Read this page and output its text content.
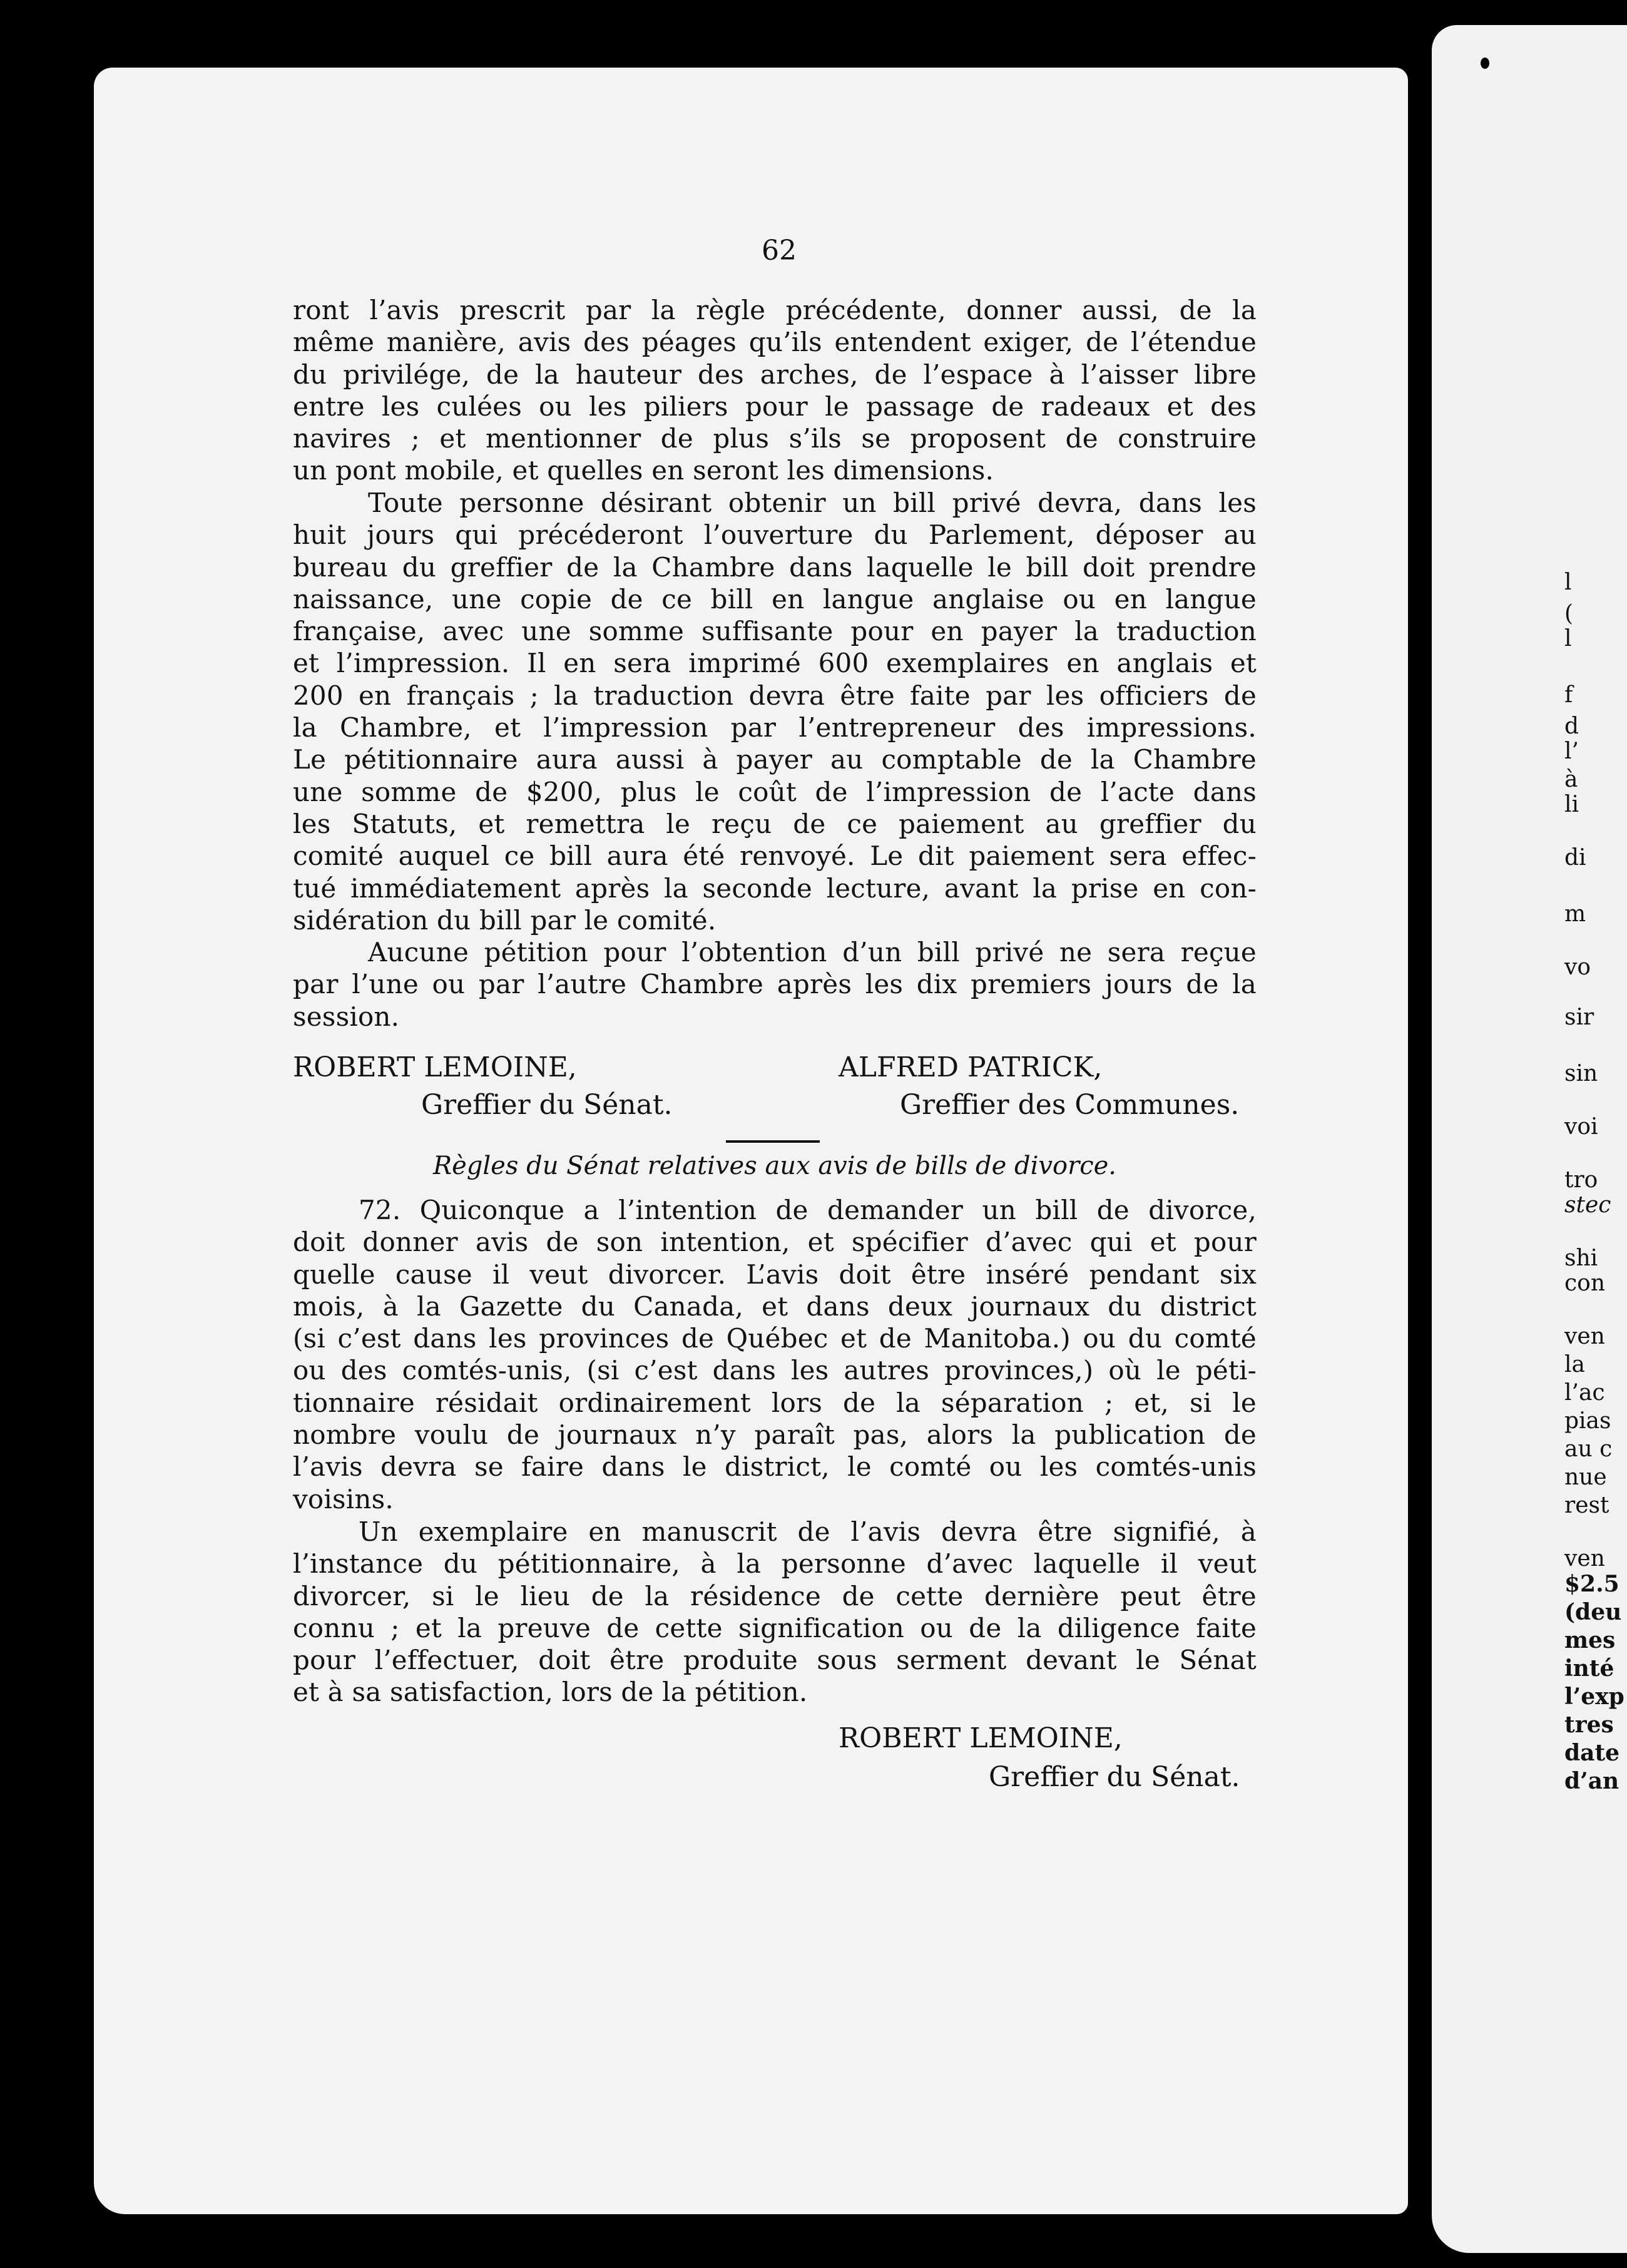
62
ront l’avis prescrit par la règle précédente, donner aussi, de la
même manière, avis des péages qu’ils entendent exiger, de l’étendue
du privilége, de la hauteur des arches, de l’espace à l’aisser libre
entre les culées ou les piliers pour le passage de radeaux et des
navires ; et mentionner de plus s’ils se proposent de construire
un pont mobile, et quelles en seront les dimensions.
Toute personne désirant obtenir un bill privé devra, dans les
huit jours qui précéderont l’ouverture du Parlement, déposer au
bureau du greffier de la Chambre dans laquelle le bill doit prendre
naissance, une copie de ce bill en langue anglaise ou en langue
française, avec une somme suffisante pour en payer la traduction
et l’impression. Il en sera imprimé 600 exemplaires en anglais et
200 en français ; la traduction devra être faite par les officiers de
la Chambre, et l’impression par l’entrepreneur des impressions.
Le pétitionnaire aura aussi à payer au comptable de la Chambre
une somme de $200, plus le coût de l’impression de l’acte dans
les Statuts, et remettra le reçu de ce paiement au greffier du
comité auquel ce bill aura été renvoyé. Le dit paiement sera effec-
tué immédiatement après la seconde lecture, avant la prise en con-
sidération du bill par le comité.
Aucune pétition pour l’obtention d’un bill privé ne sera reçue
par l’une ou par l’autre Chambre après les dix premiers jours de la
session.
ROBERT LEMOINE,	ALFRED PATRICK,
Greffier du Sénat.	Greffier des Communes.
Règles du Sénat relatives aux avis de bills de divorce.
72. Quiconque a l’intention de demander un bill de divorce,
doit donner avis de son intention, et spécifier d’avec qui et pour
quelle cause il veut divorcer. L’avis doit être inséré pendant six
mois, à la Gazette du Canada, et dans deux journaux du district
(si c’est dans les provinces de Québec et de Manitoba.) ou du comté
ou des comtés-unis, (si c’est dans les autres provinces,) où le péti-
tionnaire résidait ordinairement lors de la séparation ; et, si le
nombre voulu de journaux n’y paraît pas, alors la publication de
l’avis devra se faire dans le district, le comté ou les comtés-unis
voisins.
Un exemplaire en manuscrit de l’avis devra être signifié, à
l’instance du pétitionnaire, à la personne d’avec laquelle il veut
divorcer, si le lieu de la résidence de cette dernière peut être
connu ; et la preuve de cette signification ou de la diligence faite
pour l’effectuer, doit être produite sous serment devant le Sénat
et à sa satisfaction, lors de la pétition.
ROBERT LEMOINE,
Greffier du Sénat.
l
(
l
f
d
l’
à
li
di
m
vo
sir
sin
voi
tro
stec
shi
con
ven
la
l’ac
pias
au c
nue
rest
ven
$2.5
(deu
mes
inté
l’exp
tres
date
d’an
